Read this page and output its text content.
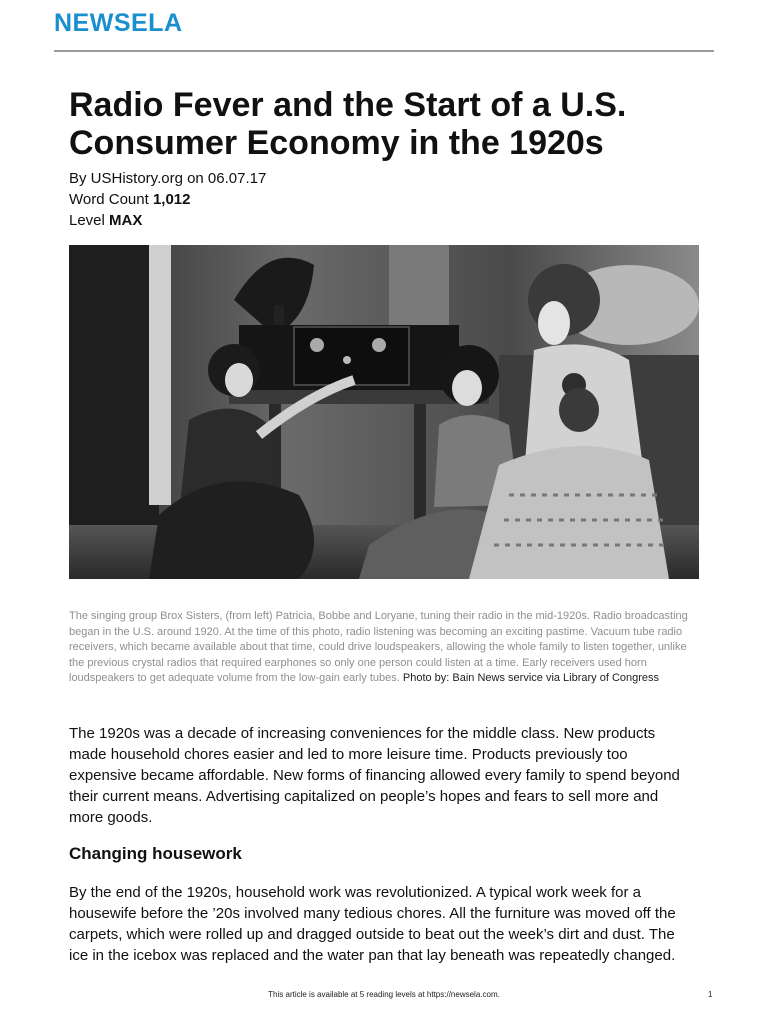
NEWSELA
Radio Fever and the Start of a U.S. Consumer Economy in the 1920s
By USHistory.org on 06.07.17
Word Count 1,012
Level MAX
The singing group Brox Sisters, (from left) Patricia, Bobbe and Loryane, tuning their radio in the mid-1920s. Radio broadcasting began in the U.S. around 1920. At the time of this photo, radio listening was becoming an exciting pastime. Vacuum tube radio receivers, which became available about that time, could drive loudspeakers, allowing the whole family to listen together, unlike the previous crystal radios that required earphones so only one person could listen at a time. Early receivers used horn loudspeakers to get adequate volume from the low-gain early tubes. Photo by: Bain News service via Library of Congress

The 1920s was a decade of increasing conveniences for the middle class. New products made household chores easier and led to more leisure time. Products previously too expensive became affordable. New forms of financing allowed every family to spend beyond their current means. Advertising capitalized on people’s hopes and fears to sell more and more goods.

Changing housework

By the end of the 1920s, household work was revolutionized. A typical work week for a housewife before the ’20s involved many tedious chores. All the furniture was moved off the carpets, which were rolled up and dragged outside to beat out the week’s dirt and dust. The ice in the icebox was replaced and the water pan that lay beneath was repeatedly changed.

This article is available at 5 reading levels at https://newsela.com.	1
